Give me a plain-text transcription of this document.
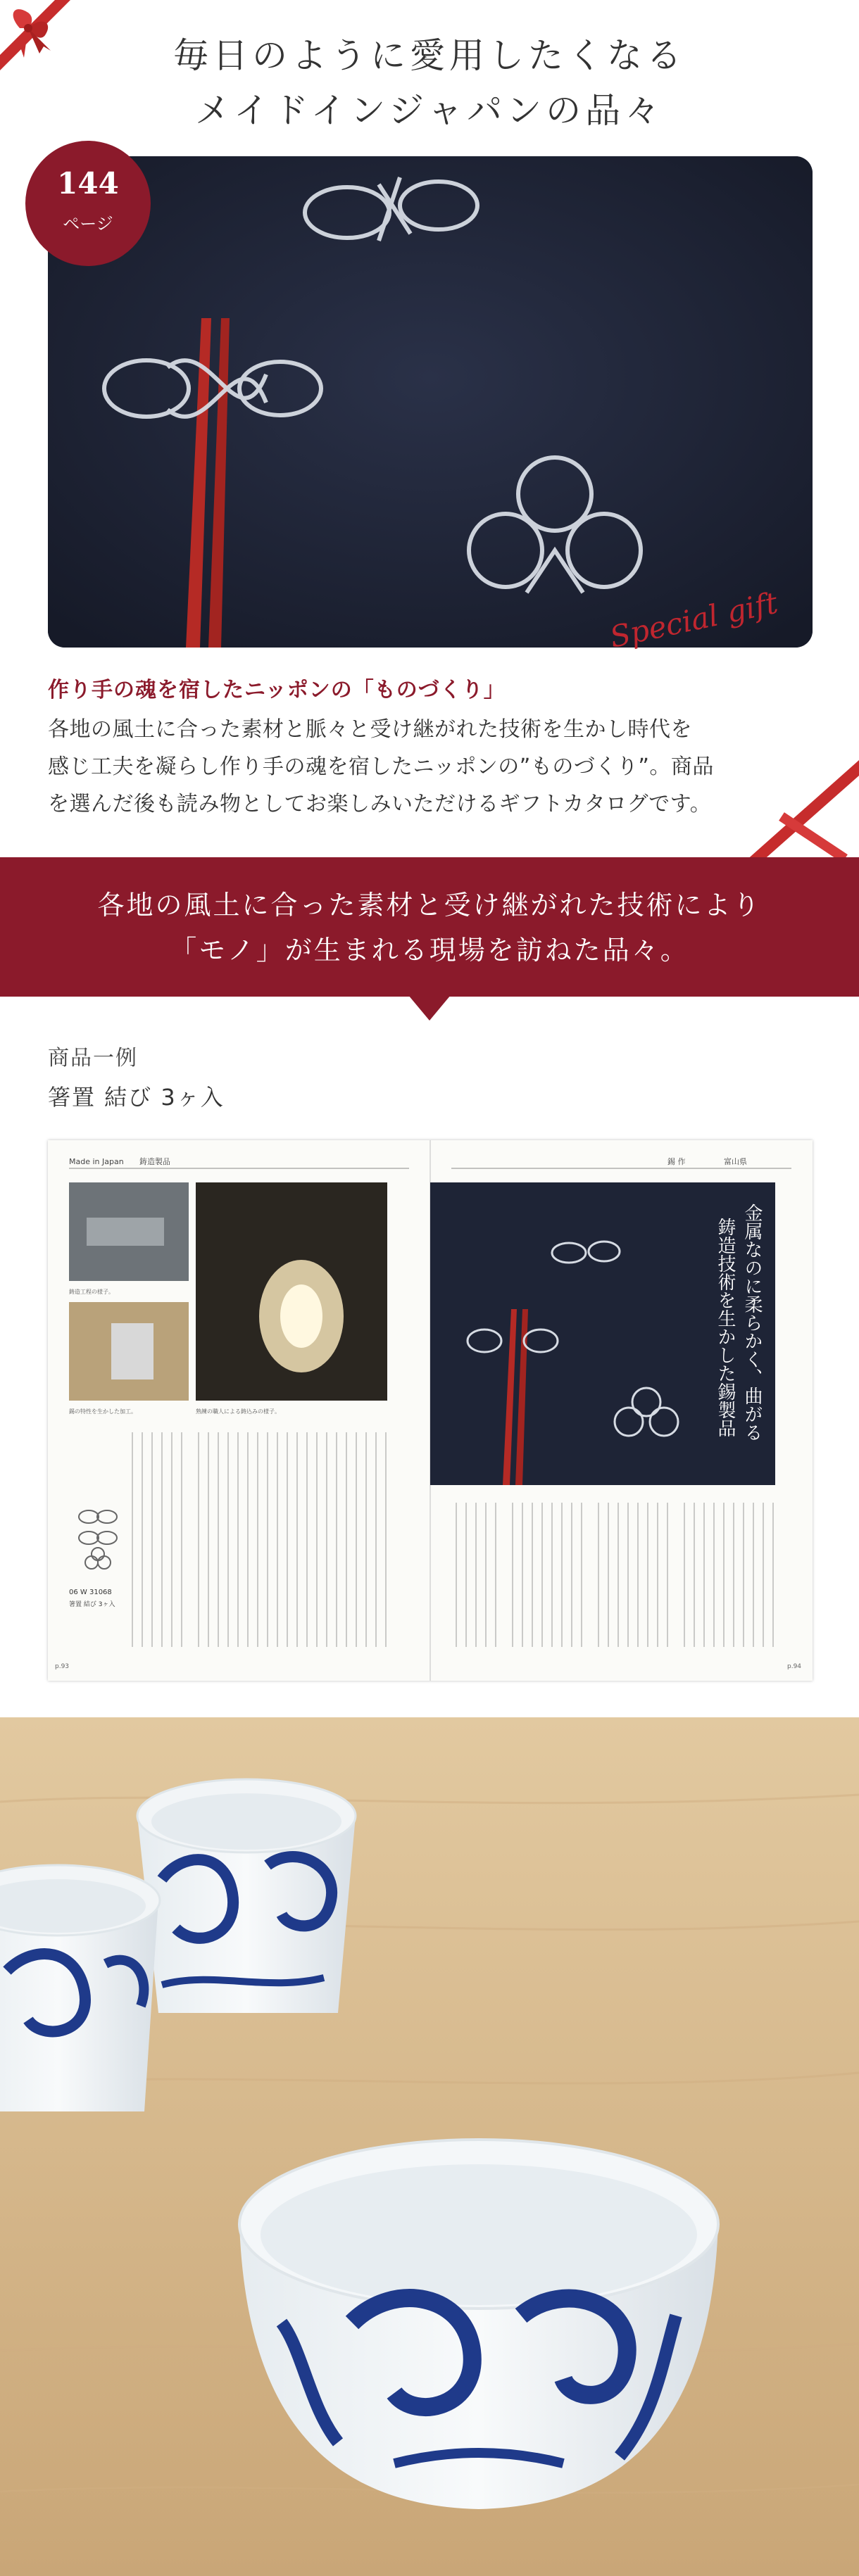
毎日のように愛用したくなる
メイドインジャパンの品々
144
ページ
Special gift
作り手の魂を宿したニッポンの「ものづくり」
各地の風土に合った素材と脈々と受け継がれた技術を生かし時代を
感じ工夫を凝らし作り手の魂を宿したニッポンの”ものづくり”。商品
を選んだ後も読み物としてお楽しみいただけるギフトカタログです。
各地の風土に合った素材と受け継がれた技術により
「モノ」が生まれる現場を訪ねた品々。
商品一例
箸置 結び 3ヶ入
Made in Japan 鋳造製品
鋳造工程の様子。
錫の特性を生かした加工。	熟練の職人による鋳込みの様子。
06 W 31068
箸置 結び 3ヶ入
p.93
錫 作	富山県
金属なのに柔らかく、曲がる
鋳造技術を生かした錫製品
p.94
